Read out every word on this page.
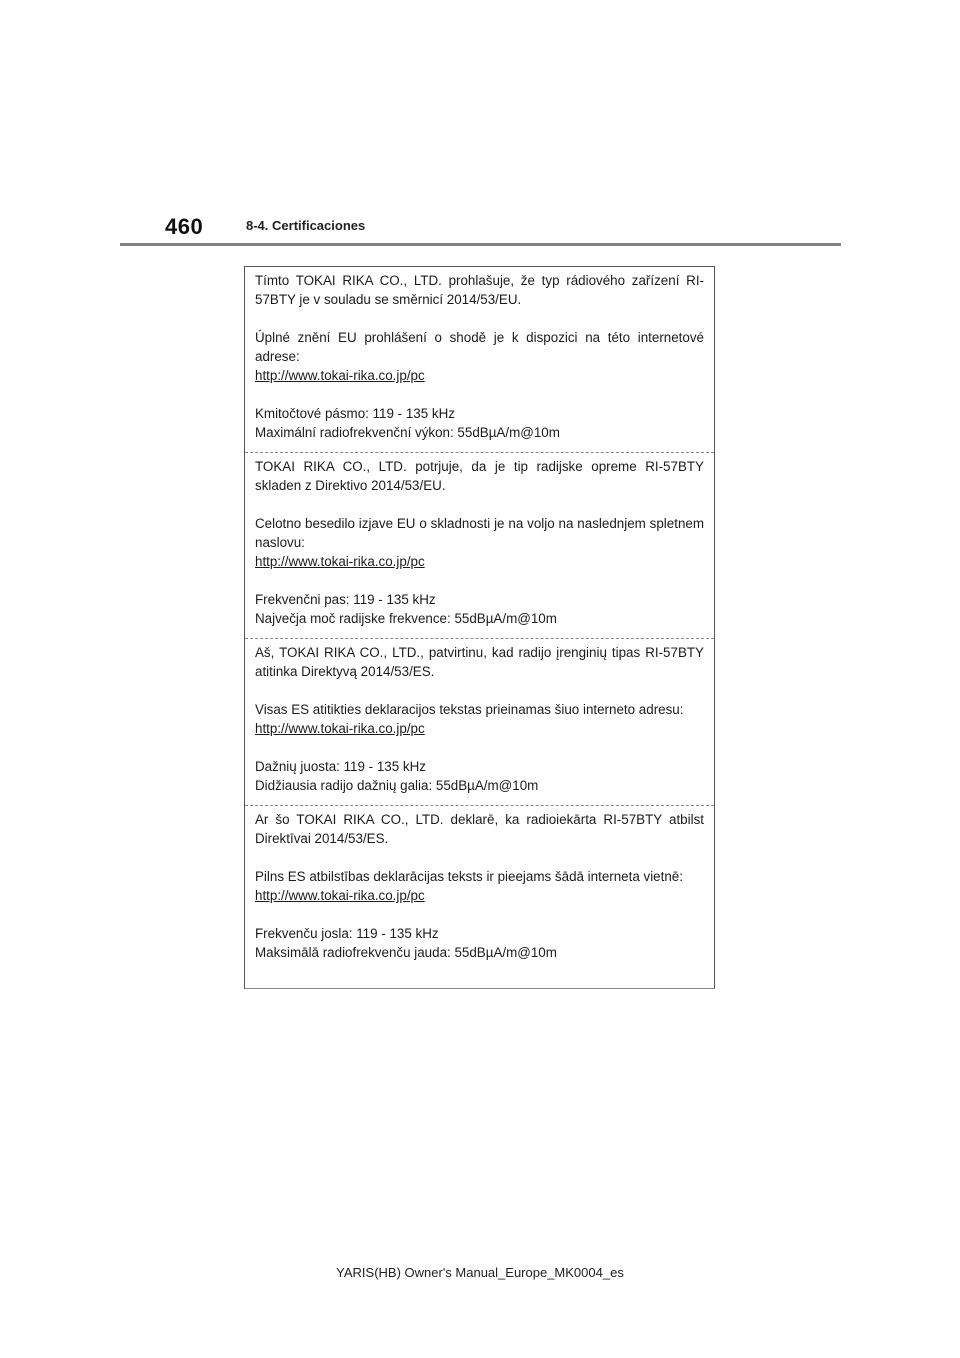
460	8-4. Certificaciones

Tímto TOKAI RIKA CO., LTD. prohlašuje, že typ rádiového zařízení RI-57BTY je v souladu se směrnicí 2014/53/EU.

Úplné znění EU prohlášení o shodě je k dispozici na této internetové adrese:

http://www.tokai-rika.co.jp/pc

Kmitočtové pásmo: 119 - 135 kHz

Maximální radiofrekvenční výkon: 55dBµA/m@10m

TOKAI RIKA CO., LTD. potrjuje, da je tip radijske opreme RI-57BTY skladen z Direktivo 2014/53/EU.

Celotno besedilo izjave EU o skladnosti je na voljo na naslednjem spletnem naslovu:

http://www.tokai-rika.co.jp/pc

Frekvenčni pas: 119 - 135 kHz

Največja moč radijske frekvence: 55dBµA/m@10m

Aš, TOKAI RIKA CO., LTD., patvirtinu, kad radijo įrenginių tipas RI-57BTY atitinka Direktyvą 2014/53/ES.

Visas ES atitikties deklaracijos tekstas prieinamas šiuo interneto adresu:

http://www.tokai-rika.co.jp/pc

Dažnių juosta: 119 - 135 kHz

Didžiausia radijo dažnių galia: 55dBµA/m@10m

Ar šo TOKAI RIKA CO., LTD. deklarē, ka radioiekārta RI-57BTY atbilst Direktīvai 2014/53/ES.

Pilns ES atbilstības deklarācijas teksts ir pieejams šādā interneta vietnē:

http://www.tokai-rika.co.jp/pc

Frekvenču josla: 119 - 135 kHz

Maksimālā radiofrekvenču jauda: 55dBµA/m@10m

YARIS(HB) Owner's Manual_Europe_MK0004_es
